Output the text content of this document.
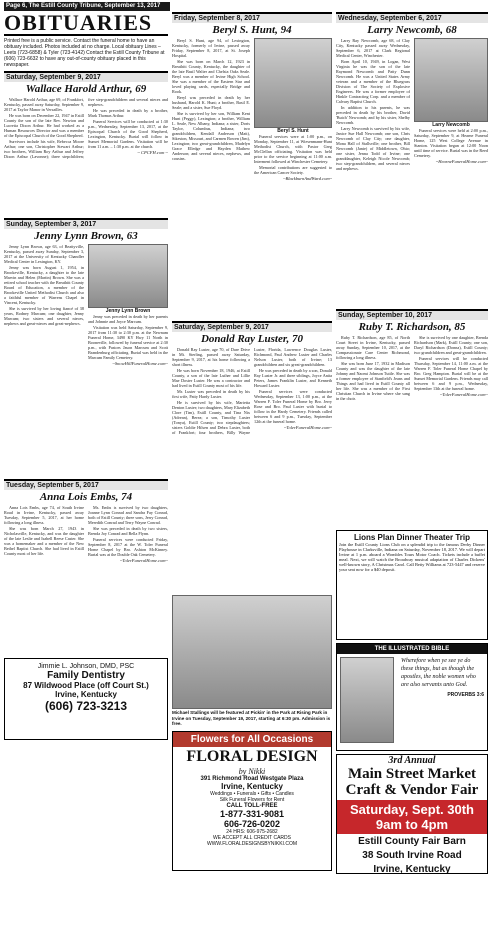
Page 6, The Estill County Tribune, September 13, 2017
OBITUARIES
Printed free is a public service. Contact the funeral home to have an obituary included. Photos included at no charge. Local obituary Lines – Leets (723-6858) & Tyler (723-4142) Contact the Estill County Tribune at (606) 723-6632 to have any out-of-county obituary placed in this newspaper.
Saturday, September 9, 2017
Wallace Harold Arthur, 69

Wallace Harold Arthur, age 69, of Frankfort, Kentucky, passed away Saturday, September 9, 2017 at Taylor Manor in Versailles.

He was born on December 22, 1947 in Estill County the son of the late Rev. Newton and Lucretia Dixon Arthur. He had worked as a Human Resources Director and was a member of the Episcopal Church of the Good Shepherd.

Survivors include his wife, Rebecca Moore Arthur; one son, Christopher Stewart Arthur; two brothers, William Roy Arthur and Jeffrey Dixon Arthur (Lavonne); three stepchildren; five step-grandchildren and several nieces and nephews.

He was preceded in death by a brother, Mark Thomas Arthur.

Funeral Services will be conducted at 1:30 p.m., Wednesday, September 13, 2017, at the Episcopal Church of the Good Shepherd, Lexington, Kentucky. Burial will follow in Sunset Memorial Gardens. Visitation will be from 11 a.m. – 1:30 p.m. at the church.

~ CPCFH.com ~
Sunday, September 3, 2017
Jenny Lynn Brown, 63

Jenny Lynn Brown, age 63, of Beattyville, Kentucky, passed away Sunday, September 3, 2017 at the University of Kentucky Chandler Medical Center in Lexington, KY.

Jenny was born August 1, 1954, in Brookeville, Kentucky, a daughter to the late Marvin and Helen (Martin) Brown. She was a retired school teacher with the Breathitt County Board of Education, a member of the Brookeville United Methodist Church and also a faithful member of Warrens Chapel in Vincent, Kentucky.

She is survived by her loving fiancé of 38 years, Rodney Marcum; one daughter, Jenny Marcum; two sisters and several nieces, nephews and great-nieces and great-nephews.

Jenny Lynn Brown

Jenny was preceded in death by her parents and Johnnie and Joyce Marcum.

Visitation was held Saturday, September 9, 2017 from 11:30 to 2:30 p.m. at the Newnam Funeral Home, 3490 KY Hwy 11 North in Booneville, followed by funeral service at 2:30 p.m., with Pastors Jason Marcum and Scott Brandenburg officiating. Burial was held in the Marcum Family Cemetery.

~SnowHillFuneralHome.com~
Tuesday, September 5, 2017
Anna Lois Embs, 74

Anna Lois Embs, age 74, of South Irvine Road in Irvine, Kentucky, passed away Tuesday, September 5, 2017, at her home following a long illness.

She was born March 27, 1943 in Nicholasville, Kentucky, and was the daughter of the late Leslie and Isabell Reese Caster. She was a homemaker and a member of the New Bethel Baptist Church. She had lived in Estill County most of her life.

Ms. Embs is survived by two daughters, Joanne Lynn Conrad and Sandra Fay Conrad, both of Estill County; three sons, Jerry Conrad, Meredith Conrad and Terry Wayne Conrad.

She was preceded in death by two sisters, Brenda Joy Conrad and Bella Flynn.

Funeral services were conducted Friday, September 8, 2017 at the W. Toler Funeral Home Chapel by Bro. Ashton McKinney. Burial was at the Double Oak Cemetery.

~TolerFuneralHome.com~
Jimmie L. Johnson, DMD, PSC
Family Dentistry
87 Wildwood Place (off Court St.)
Irvine, Kentucky
(606) 723-3213
Friday, September 8, 2017
Beryl S. Hunt, 94

Beryl S. Hunt, age 94, of Lexington, Kentucky, formerly of Irvine, passed away Friday, September 8, 2017, at St. Joseph Hospital.

She was born on March 12, 1923 in Breathitt County, Kentucky, the daughter of the late Basil Walter and Chelsia Oaks Seale. Beryl was a member of Irvine High School. She was a member of the Eastern Star and loved playing cards, especially Bridge and Rook.

Beryl was preceded in death by her husband, Harold K. Hunt; a brother, Basil E. Seale; and a sister, Sue Floyd.

She is survived by her son, William Kent Hunt (Peggy), Lexington; a brother, William L. Seale, New Albany, Indiana; a sister, Doris Taylor, Columbus, Indiana; two grandchildren, Kendall Anderson (Matt), Sikeston, Missouri, and Carmen Bowen (Jim), Lexington; two great-grandchildren, Madelyn Grace Elledge and Hayden Mathew Anderson; and several nieces, nephews, and cousins.

Beryl S. Hunt

Funeral services were at 1:00 p.m., on Monday, September 11, at Wiesenmann-Hunt Methodist Church, with Pastor Greg McClellan officiating. Visitation was held prior to the service beginning at 11:00 a.m. Interment followed at Winchester Cemetery.

Memorial contributions are suggested to the American Cancer Society.

~BlackburnAndWard.com~
Saturday, September 9, 2017
Donald Ray Luster, 70

Donald Ray Luster, age 70, of Dare Drive in Mt. Sterling, passed away Saturday, September 9, 2017, at his home following a short illness.

He was born November 18, 1946, at Estill County, a son of the late Luther and Lillie Mae Doster Luster. He was a contractor and had lived in Estill County most of his life.

Mr. Luster was preceded in death by his first wife, Patty Hardy Luster.

He is survived by his wife, Marietta Denton Luster; two daughters, Mary Elizabeth Clore (Tim), Estill County, and Tina Nix (Adrean), Berea; a son, Timothy Luster (Tonya), Estill County; two stepdaughters; sisters Goldie Hilsen and Debra Luster, both of Frankfort; four brothers, Billy Wayne Luster, Florida, Lawrence Douglas Luster, Richmond, Paul Andrew Luster and Charles Nelson Luster, both of Irvine; 13 grandchildren and six great-grandchildren.

He was preceded in death by a son, Donald Ray Luster Jr. and three siblings, Joyce Anita Peters, James Franklin Luster, and Kenneth Howard Luster.

Funeral services were conducted Wednesday, September 13, 1:00 p.m., at the Warren F. Toler Funeral Home by Bro. Jerry Rose and Bro. Paul Luster with burial to follow in the Hardy Cemetery. Friends called between 6 and 9 p.m., Tuesday, September 12th at the funeral home.

~TolerFuneralHome.com~
Michael Stallings will be featured at Pickin' in the Park at Rising Park in Irvine on Tuesday, September 19, 2017, starting at 6:30 pm. Admission is free.
Flowers for All Occasions
FLORAL DESIGN
by Nikki
391 Richmond Road Westgate Plaza
Irvine, Kentucky
Weddings • Funerals • Gifts • Candles
Silk Funeral Flowers for Rent
CALL TOLL-FREE
1-877-331-9081
606-726-0202
24 HRS: 606-975-2682
WE ACCEPT ALL CREDIT CARDS
WWW.FLORALDESIGNSBYNIKKI.COM
Wednesday, September 6, 2017
Larry Newcomb, 68

Larry Ray Newcomb, age 68, of Clay City, Kentucky passed away Wednesday, September 6, 2017 at Clark Regional Medical Center, Winchester.

Born April 10, 1949, in Logan, West Virginia he was the son of the late Raymond Newcomb and Patty Dunn Newcomb. He was a United States Army veteran and a member of the Bluegrass Division of The Society of Explosive Engineers. He was a former employee of Hinkle Contracting Corp. and a member of Calvary Baptist Church.

In addition to his parents, he was preceded in death by his brother, David 'Butch' Newcomb; and by his sister, Shelby Newcomb.

Larry Newcomb is survived by his wife, Janice Sue Hall Newcomb; one son, Chris Newcomb of Clay City; one daughter, Mona Hall of Stallsville; one brother, Bill Newcomb (Janie) of Middletown, Ohio; one sister, Jenna Todd of Irvine; one granddaughter, Keleigh Nicole Newcomb; two step-grandchildren, and several nieces and nephews.

Larry Newcomb

Funeral services were held at 2:00 p.m., Saturday, September 9, at Hearne Funeral Home, 125 West College Avenue in Stanton. Visitation began at 12:00 Noon until time of service. Burial was in the Reed Cemetery.

~HearneFuneralHome.com~
Sunday, September 10, 2017
Ruby T. Richardson, 85

Ruby T. Richardson, age 85, of North Court Street in Irvine, Kentucky, passed away Sunday, September 10, 2017, at the Compassionate Care Center Richmond, following a long illness.

She was born June 17, 1932 in Madison County and was the daughter of the late Johnny and Naomi Johnson Tuttle. She was a former employee of Stanfield's Jeans and Things and had lived in Estill County all her life. She was a member of the First Christian Church in Irvine where she sang in the choir.

She is survived by one daughter, Brenda Richardson (Mark), Estill County; one son, Daryl Richardson (Donna), Estill County; two grandchildren and great-grandchildren.

Funeral services will be conducted Thursday, September 14, 11:00 a.m. at the Warren F. Toler Funeral Home Chapel by Bro. Greg Hampton. Burial will be at the Sunset Memorial Gardens. Friends may call between 6 and 9 p.m., Wednesday, September 13th at the funeral home.

~TolerFuneralHome.com~
Lions Plan Dinner Theater Trip
Join the Estill County Lions Club on a splendid trip to the famous Derby Dinner Playhouse in Clarksville, Indiana on Saturday, November 18, 2017. We will depart Irvine at 1 p.m. aboard a Wombles Tours Motor Coach. Tickets include a buffet meal. Next, we will watch the Broadway musical adaptation of Charles Dickens' well-known story, A Christmas Carol. Call Betty Williams at 723-5447 and reserve your seat now for a $40 deposit.
THE ILLUSTRATED BIBLE
Wherefore when ye see ye do these things, but as though the apostles, the noble women who are also servants unto God.
PROVERBS 3:6
3rd Annual
Main Street Market
Craft & Vendor Fair
Saturday, Sept. 30th
9am to 4pm
Estill County Fair Barn
38 South Irvine Road
Irvine, Kentucky
